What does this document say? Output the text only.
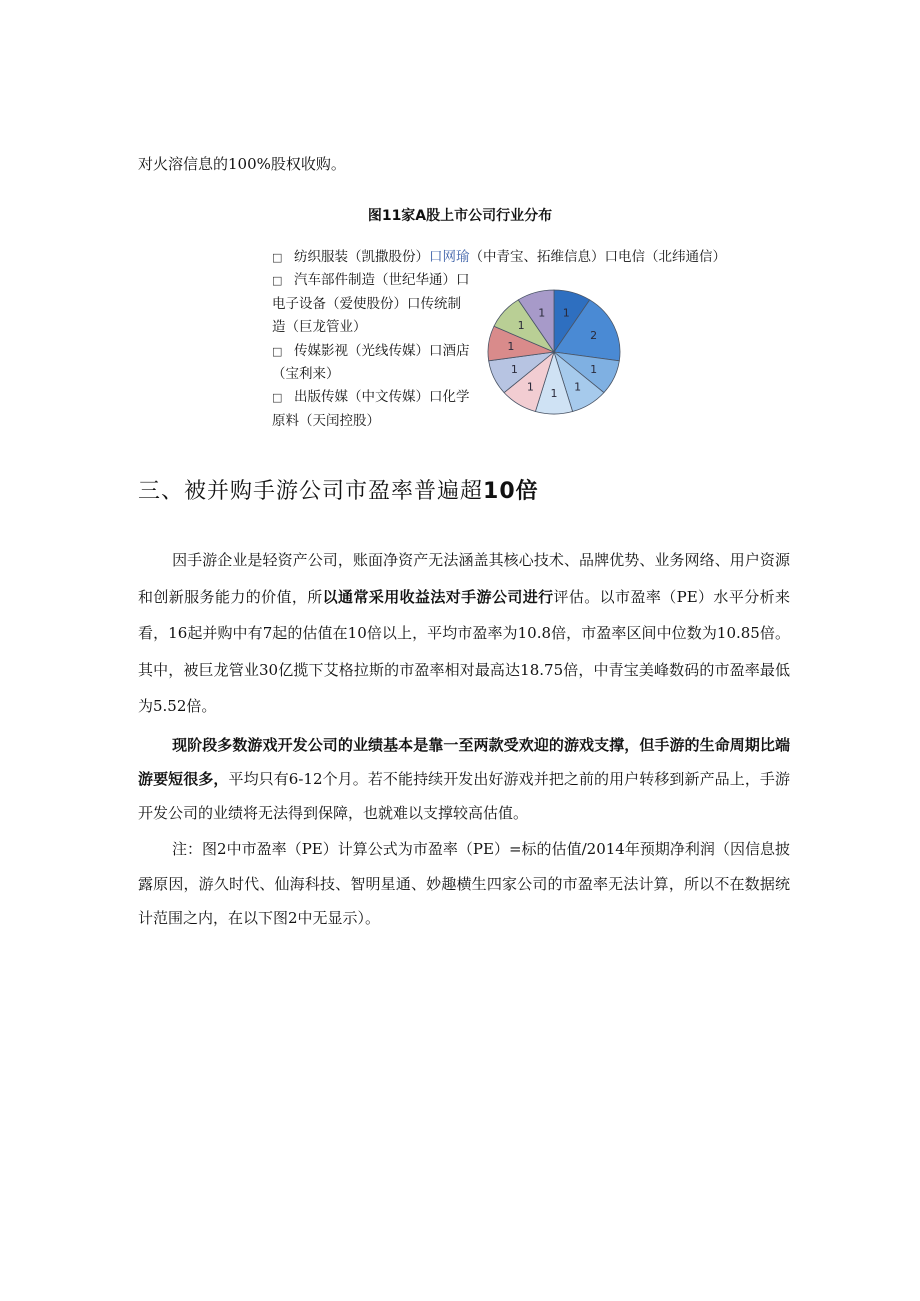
对火溶信息的100%股权收购。
图11家A股上市公司行业分布
□ 纺织服装（凯撒股份）口网瑜（中青宝、拓维信息）口电信（北纬通信）
□ 汽车部件制造（世纪华通）口
电子设备（爱使股份）口传统制
造（巨龙管业）
□ 传媒影视（光线传媒）口酒店
（宝利来）
□ 出版传媒（中文传媒）口化学
原料（天闰控股）
1
2
1
1
1
1
1
1
1
1
三、被并购手游公司市盈率普遍超10倍
因手游企业是轻资产公司，账面净资产无法涵盖其核心技术、品牌优势、业务网络、用户资源和创新服务能力的价值，所以通常采用收益法对手游公司进行评估。以市盈率（PE）水平分析来看，16起并购中有7起的估值在10倍以上，平均市盈率为10.8倍，市盈率区间中位数为10.85倍。其中，被巨龙管业30亿揽下艾格拉斯的市盈率相对最高达18.75倍，中青宝美峰数码的市盈率最低为5.52倍。
现阶段多数游戏开发公司的业绩基本是靠一至两款受欢迎的游戏支撑，但手游的生命周期比端游要短很多，平均只有6-12个月。若不能持续开发出好游戏并把之前的用户转移到新产品上，手游开发公司的业绩将无法得到保障，也就难以支撑较高估值。
注：图2中市盈率（PE）计算公式为市盈率（PE）=标的估值/2014年预期净利润（因信息披露原因，游久时代、仙海科技、智明星通、妙趣横生四家公司的市盈率无法计算，所以不在数据统计范围之内，在以下图2中无显示）。
